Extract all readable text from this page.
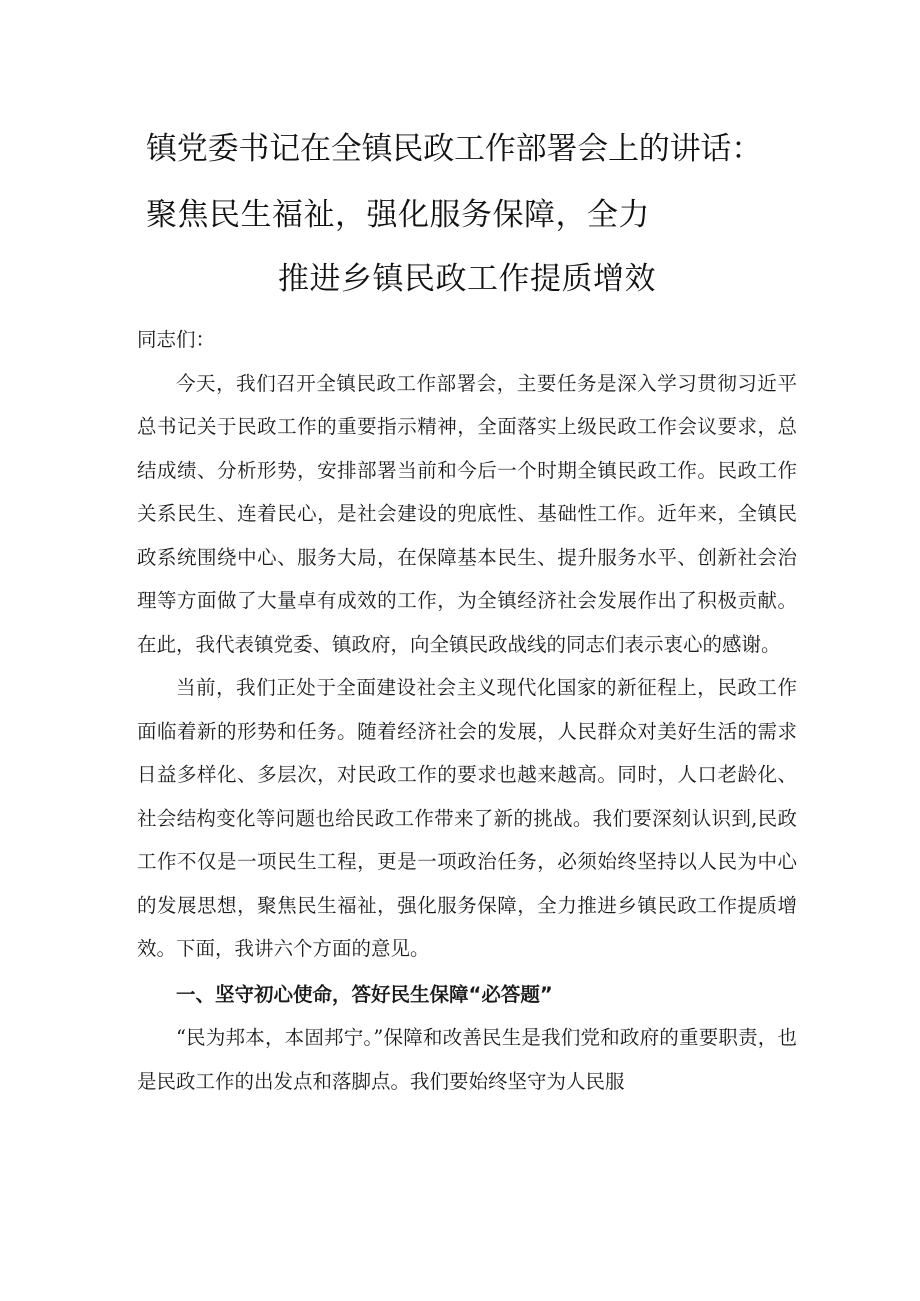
镇党委书记在全镇民政工作部署会上的讲话：
聚焦民生福祉，强化服务保障，全力
推进乡镇民政工作提质增效

同志们：

今天，我们召开全镇民政工作部署会，主要任务是深入学习贯彻习近平总书记关于民政工作的重要指示精神，全面落实上级民政工作会议要求，总结成绩、分析形势，安排部署当前和今后一个时期全镇民政工作。民政工作关系民生、连着民心，是社会建设的兜底性、基础性工作。近年来，全镇民政系统围绕中心、服务大局，在保障基本民生、提升服务水平、创新社会治理等方面做了大量卓有成效的工作，为全镇经济社会发展作出了积极贡献。在此，我代表镇党委、镇政府，向全镇民政战线的同志们表示衷心的感谢。

当前，我们正处于全面建设社会主义现代化国家的新征程上，民政工作面临着新的形势和任务。随着经济社会的发展，人民群众对美好生活的需求日益多样化、多层次，对民政工作的要求也越来越高。同时，人口老龄化、社会结构变化等问题也给民政工作带来了新的挑战。我们要深刻认识到,民政工作不仅是一项民生工程，更是一项政治任务，必须始终坚持以人民为中心的发展思想，聚焦民生福祉，强化服务保障，全力推进乡镇民政工作提质增效。下面，我讲六个方面的意见。

一、坚守初心使命，答好民生保障“必答题”

“民为邦本，本固邦宁。”保障和改善民生是我们党和政府的重要职责，也是民政工作的出发点和落脚点。我们要始终坚守为人民服
